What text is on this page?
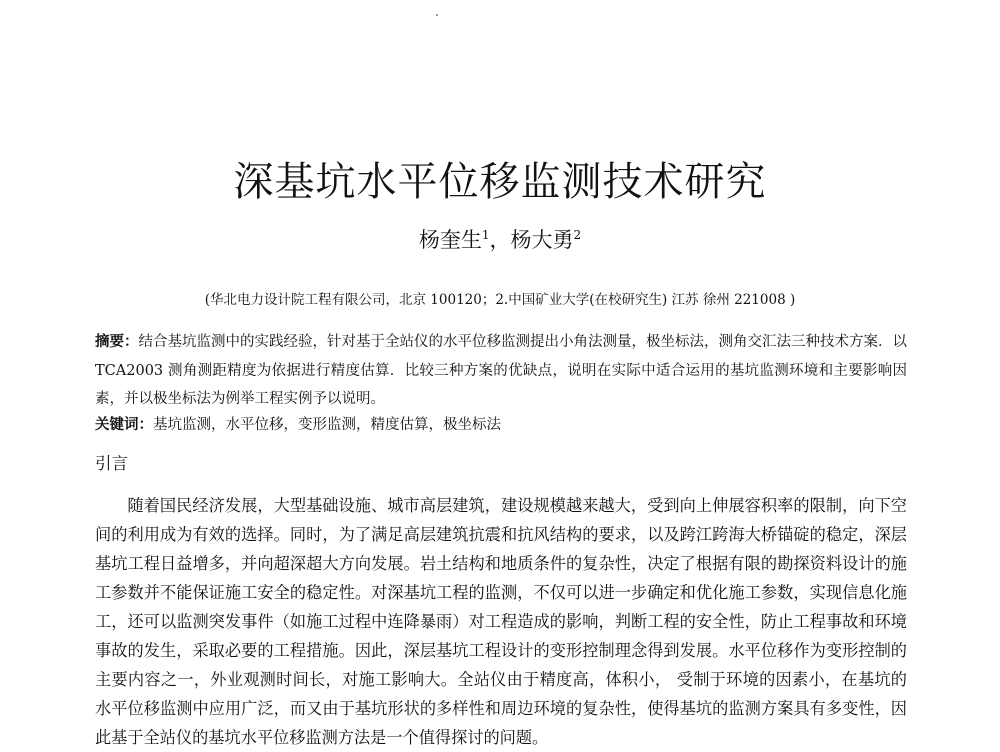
深基坑水平位移监测技术研究
杨奎生$^1$，杨大勇$^2$
(华北电力设计院工程有限公司，北京 100120；2.中国矿业大学(在校研究生) 江苏 徐州 221008 )
摘要：结合基坑监测中的实践经验，针对基于全站仪的水平位移监测提出小角法测量，极坐标法，测角交汇法三种技术方案．以 TCA2003 测角测距精度为依据进行精度估算．比较三种方案的优缺点，说明在实际中适合运用的基坑监测环境和主要影响因素，并以极坐标法为例举工程实例予以说明。
关键词：基坑监测，水平位移，变形监测，精度估算，极坐标法
引言

随着国民经济发展，大型基础设施、城市高层建筑，建设规模越来越大，受到向上伸展容积率的限制，向下空间的利用成为有效的选择。同时，为了满足高层建筑抗震和抗风结构的要求，以及跨江跨海大桥锚碇的稳定，深层基坑工程日益增多，并向超深超大方向发展。岩土结构和地质条件的复杂性，决定了根据有限的勘探资料设计的施工参数并不能保证施工安全的稳定性。对深基坑工程的监测，不仅可以进一步确定和优化施工参数，实现信息化施工，还可以监测突发事件（如施工过程中连降暴雨）对工程造成的影响，判断工程的安全性，防止工程事故和环境事故的发生，采取必要的工程措施。因此，深层基坑工程设计的变形控制理念得到发展。水平位移作为变形控制的主要内容之一，外业观测时间长，对施工影响大。全站仪由于精度高，体积小， 受制于环境的因素小，在基坑的水平位移监测中应用广泛，而又由于基坑形状的多样性和周边环境的复杂性，使得基坑的监测方案具有多变性，因此基于全站仪的基坑水平位移监测方法是一个值得探讨的问题。
